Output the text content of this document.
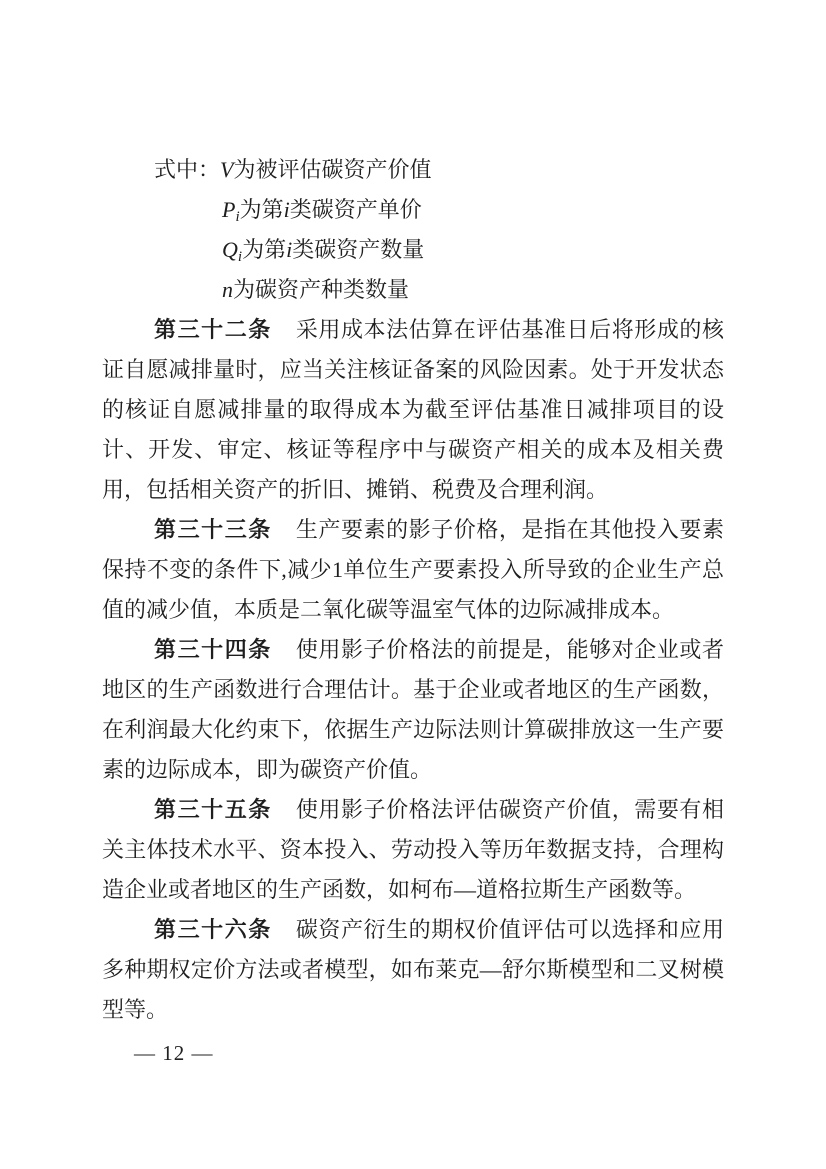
式中：V为被评估碳资产价值
$P_i$为第i类碳资产单价
$Q_i$为第i类碳资产数量
n为碳资产种类数量

第三十二条 采用成本法估算在评估基准日后将形成的核证自愿减排量时，应当关注核证备案的风险因素。处于开发状态的核证自愿减排量的取得成本为截至评估基准日减排项目的设计、开发、审定、核证等程序中与碳资产相关的成本及相关费用，包括相关资产的折旧、摊销、税费及合理利润。

第三十三条 生产要素的影子价格，是指在其他投入要素保持不变的条件下,减少1单位生产要素投入所导致的企业生产总值的减少值，本质是二氧化碳等温室气体的边际减排成本。

第三十四条 使用影子价格法的前提是，能够对企业或者地区的生产函数进行合理估计。基于企业或者地区的生产函数，在利润最大化约束下，依据生产边际法则计算碳排放这一生产要素的边际成本，即为碳资产价值。

第三十五条 使用影子价格法评估碳资产价值，需要有相关主体技术水平、资本投入、劳动投入等历年数据支持，合理构造企业或者地区的生产函数，如柯布—道格拉斯生产函数等。

第三十六条 碳资产衍生的期权价值评估可以选择和应用多种期权定价方法或者模型，如布莱克—舒尔斯模型和二叉树模型等。

— 12 —
